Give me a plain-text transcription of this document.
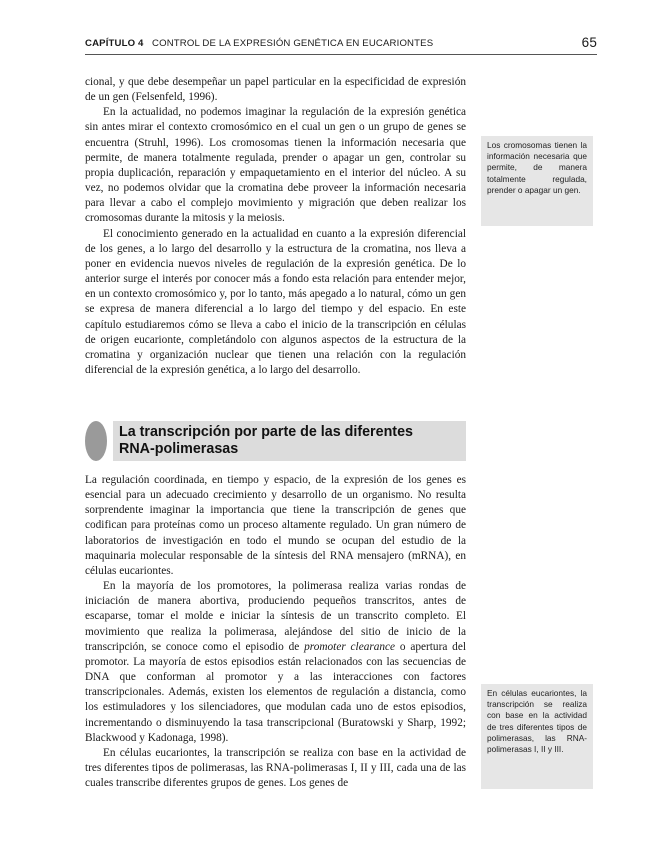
CAPÍTULO 4 CONTROL DE LA EXPRESIÓN GENÉTICA EN EUCARIONTES	65

cional, y que debe desempeñar un papel particular en la especificidad de expresión de un gen (Felsenfeld, 1996).

En la actualidad, no podemos imaginar la regulación de la expresión genética sin antes mirar el contexto cromosómico en el cual un gen o un grupo de genes se encuentra (Struhl, 1996). Los cromosomas tienen la información necesaria que permite, de manera totalmente regulada, prender o apagar un gen, controlar su propia duplicación, reparación y empaquetamiento en el interior del núcleo. A su vez, no podemos olvidar que la cromatina debe proveer la información necesaria para llevar a cabo el complejo movimiento y migración que deben realizar los cromosomas durante la mitosis y la meiosis.

El conocimiento generado en la actualidad en cuanto a la expresión diferencial de los genes, a lo largo del desarrollo y la estructura de la cromatina, nos lleva a poner en evidencia nuevos niveles de regulación de la expresión genética. De lo anterior surge el interés por conocer más a fondo esta relación para entender mejor, en un contexto cromosómico y, por lo tanto, más apegado a lo natural, cómo un gen se expresa de manera diferencial a lo largo del tiempo y del espacio. En este capítulo estudiaremos cómo se lleva a cabo el inicio de la transcripción en células de origen eucarionte, completándolo con algunos aspectos de la estructura de la cromatina y organización nuclear que tienen una relación con la regulación diferencial de la expresión genética, a lo largo del desarrollo.

La transcripción por parte de las diferentes
RNA-polimerasas

La regulación coordinada, en tiempo y espacio, de la expresión de los genes es esencial para un adecuado crecimiento y desarrollo de un organismo. No resulta sorprendente imaginar la importancia que tiene la transcripción de genes que codifican para proteínas como un proceso altamente regulado. Un gran número de laboratorios de investigación en todo el mundo se ocupan del estudio de la maquinaria molecular responsable de la síntesis del RNA mensajero (mRNA), en células eucariontes.

En la mayoría de los promotores, la polimerasa realiza varias rondas de iniciación de manera abortiva, produciendo pequeños transcritos, antes de escaparse, tomar el molde e iniciar la síntesis de un transcrito completo. El movimiento que realiza la polimerasa, alejándose del sitio de inicio de la transcripción, se conoce como el episodio de promoter clearance o apertura del promotor. La mayoría de estos episodios están relacionados con las secuencias de DNA que conforman al promotor y a las interacciones con factores transcripcionales. Además, existen los elementos de regulación a distancia, como los estimuladores y los silenciadores, que modulan cada uno de estos episodios, incrementando o disminuyendo la tasa transcripcional (Buratowski y Sharp, 1992; Blackwood y Kadonaga, 1998).

En células eucariontes, la transcripción se realiza con base en la actividad de tres diferentes tipos de polimerasas, las RNA-polimerasas I, II y III, cada una de las cuales transcribe diferentes grupos de genes. Los genes de

Los cromosomas tienen la información necesaria que permite, de manera totalmente regulada, prender o apagar un gen.
En células eucariontes, la transcripción se realiza con base en la actividad de tres diferentes tipos de polimerasas, las RNA-polimerasas I, II y III.
